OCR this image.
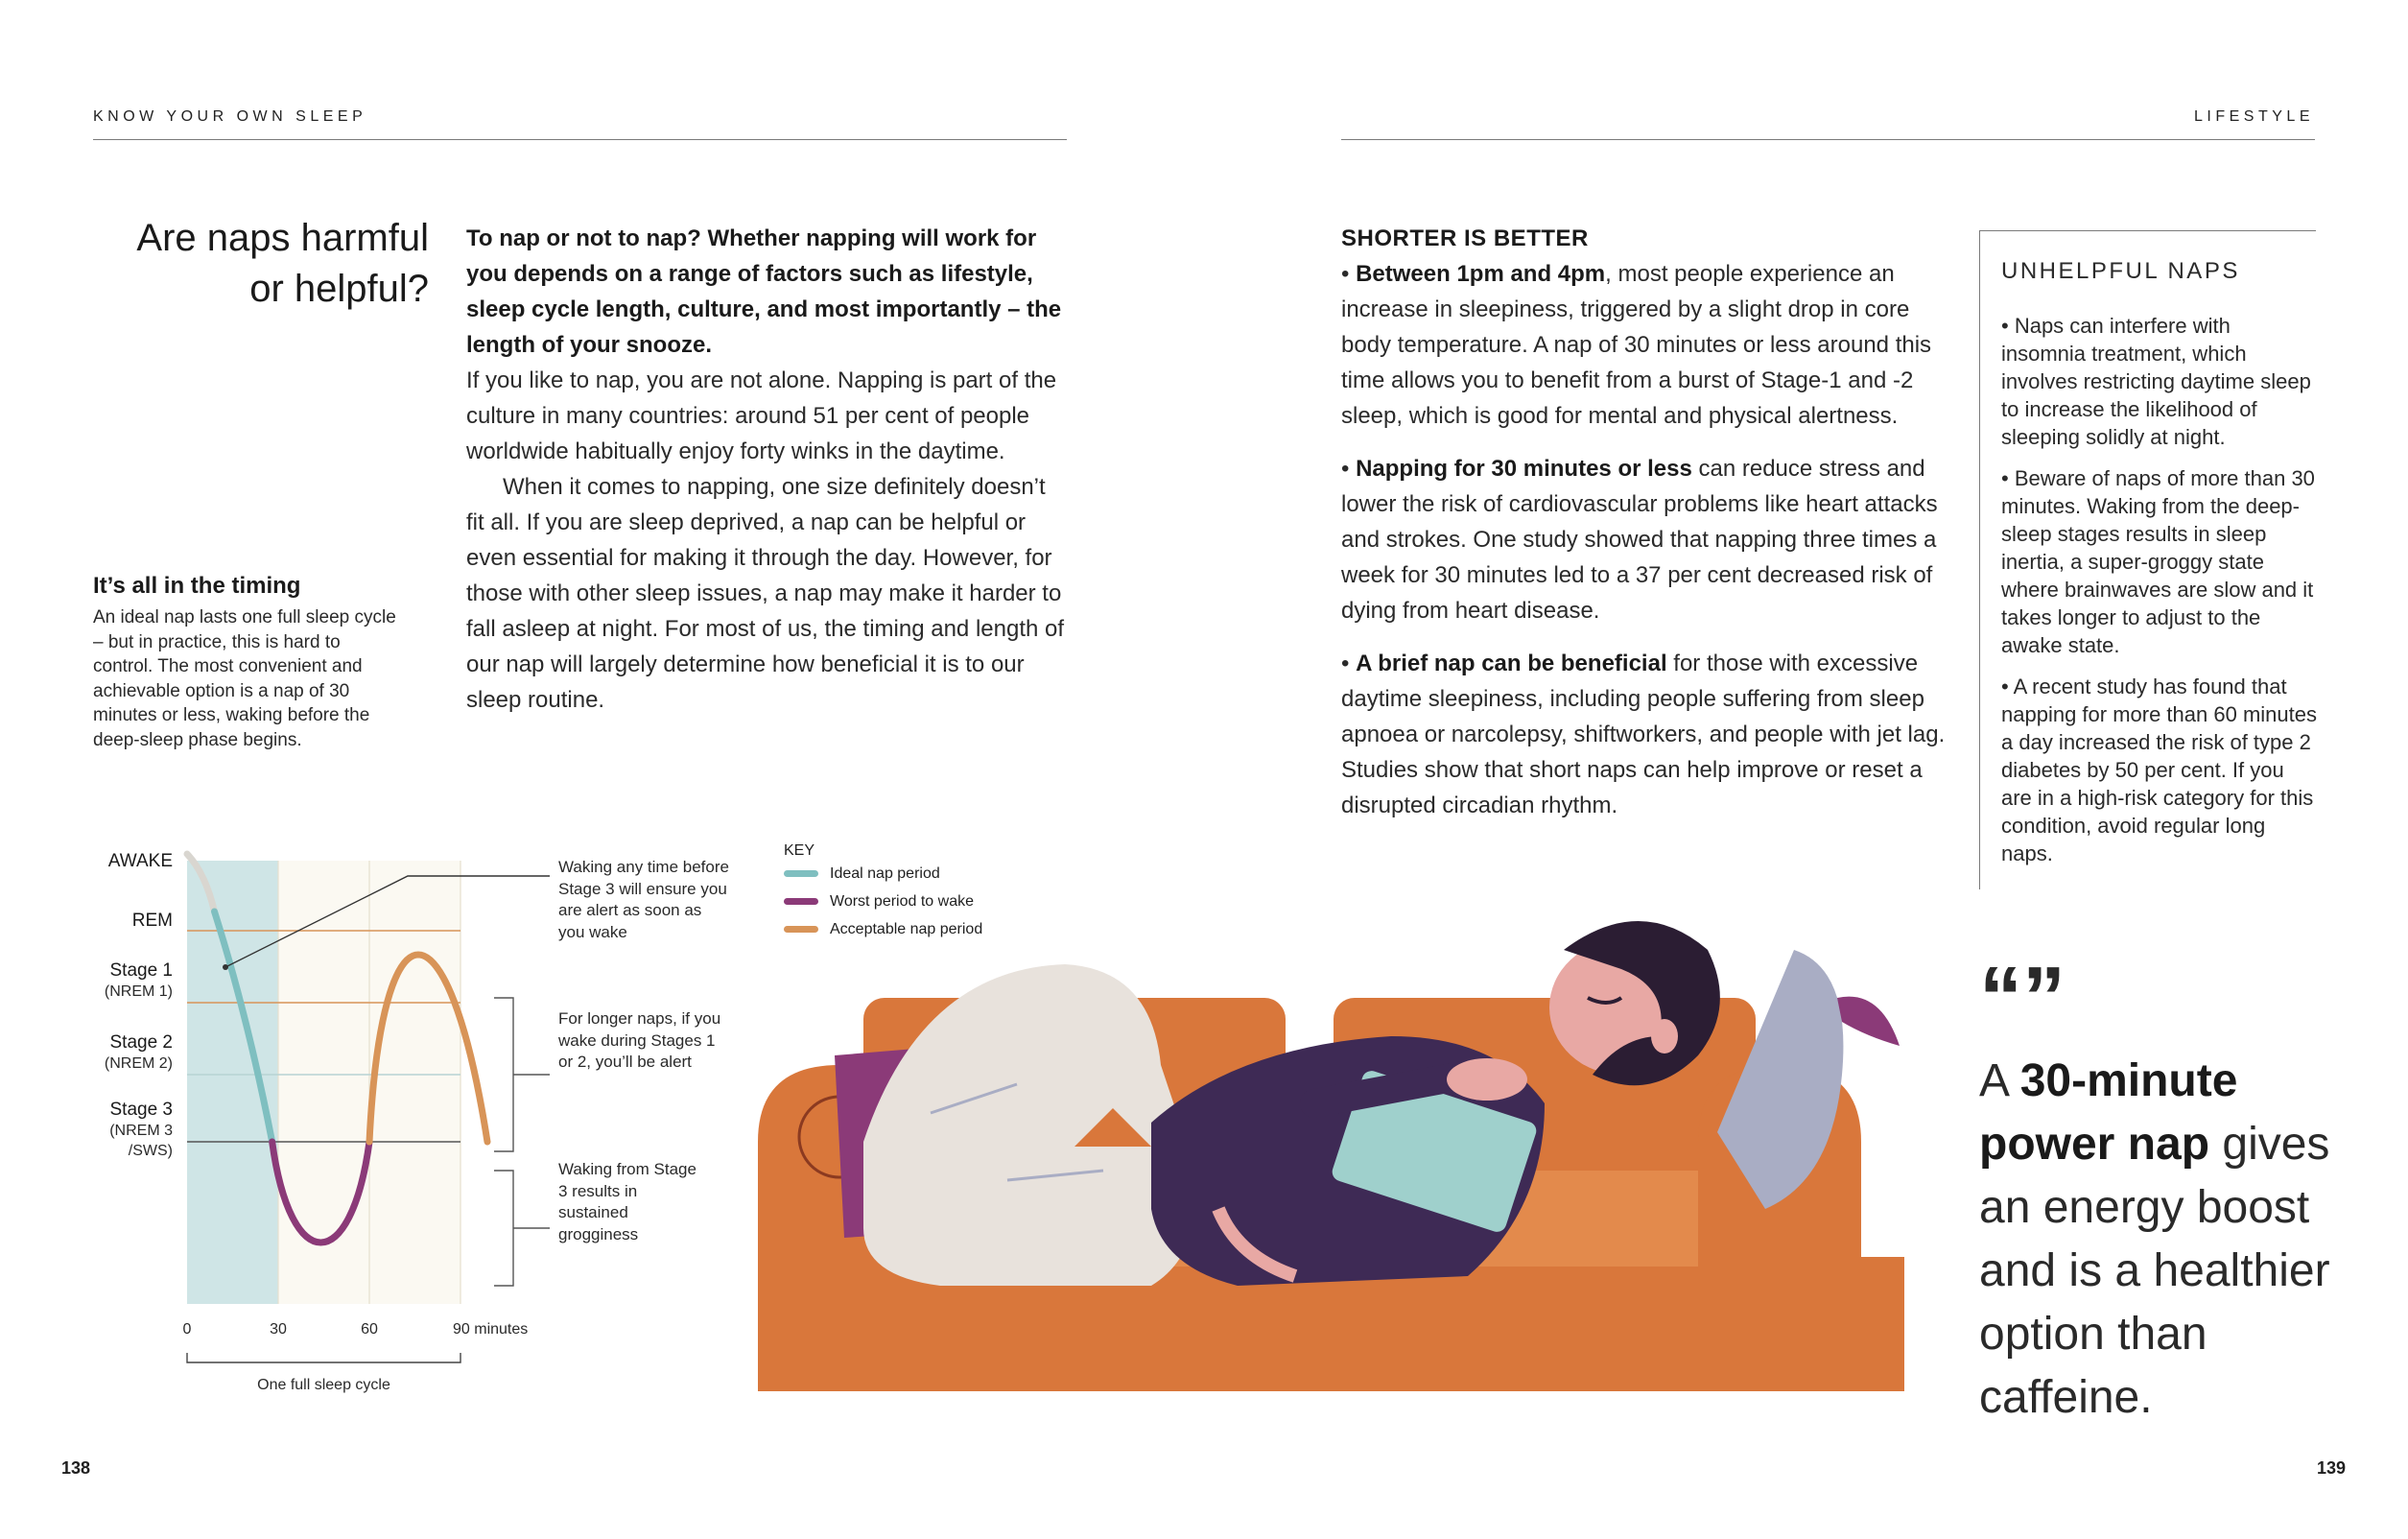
KNOW YOUR OWN SLEEP	LIFESTYLE
Are naps harmful
or helpful?
To nap or not to nap? Whether napping will work for you depends on a range of factors such as lifestyle, sleep cycle length, culture, and most importantly – the length of your snooze.

If you like to nap, you are not alone. Napping is part of the culture in many countries: around 51 per cent of people worldwide habitually enjoy forty winks in the daytime.

When it comes to napping, one size definitely doesn’t fit all. If you are sleep deprived, a nap can be helpful or even essential for making it through the day. However, for those with other sleep issues, a nap may make it harder to fall asleep at night. For most of us, the timing and length of our nap will largely determine how beneficial it is to our sleep routine.

It’s all in the timing
An ideal nap lasts one full sleep cycle – but in practice, this is hard to control. The most convenient and achievable option is a nap of 30 minutes or less, waking before the deep-sleep phase begins.
AWAKE
REM
Stage 1
(NREM 1)
Stage 2
(NREM 2)
Stage 3
(NREM 3
/SWS)
0	30	60	90 minutes
One full sleep cycle
Waking any time before Stage 3 will ensure you are alert as soon as you wake
For longer naps, if you wake during Stages 1 or 2, you’ll be alert
Waking from Stage 3 results in sustained grogginess
KEY
Ideal nap period
Worst period to wake
Acceptable nap period
SHORTER IS BETTER
• Between 1pm and 4pm, most people experience an increase in sleepiness, triggered by a slight drop in core body temperature. A nap of 30 minutes or less around this time allows you to benefit from a burst of Stage-1 and -2 sleep, which is good for mental and physical alertness.
• Napping for 30 minutes or less can reduce stress and lower the risk of cardiovascular problems like heart attacks and strokes. One study showed that napping three times a week for 30 minutes led to a 37 per cent decreased risk of dying from heart disease.
• A brief nap can be beneficial for those with excessive daytime sleepiness, including people suffering from sleep apnoea or narcolepsy, shiftworkers, and people with jet lag. Studies show that short naps can help improve or reset a disrupted circadian rhythm.
UNHELPFUL NAPS

• Naps can interfere with insomnia treatment, which involves restricting daytime sleep to increase the likelihood of sleeping solidly at night.

• Beware of naps of more than 30 minutes. Waking from the deep-sleep stages results in sleep inertia, a super-groggy state where brainwaves are slow and it takes longer to adjust to the awake state.

• A recent study has found that napping for more than 60 minutes a day increased the risk of type 2 diabetes by 50 per cent. If you are in a high-risk category for this condition, avoid regular long naps.

“”
A 30-minute power nap gives an energy boost and is a healthier option than caffeine.
138	139
